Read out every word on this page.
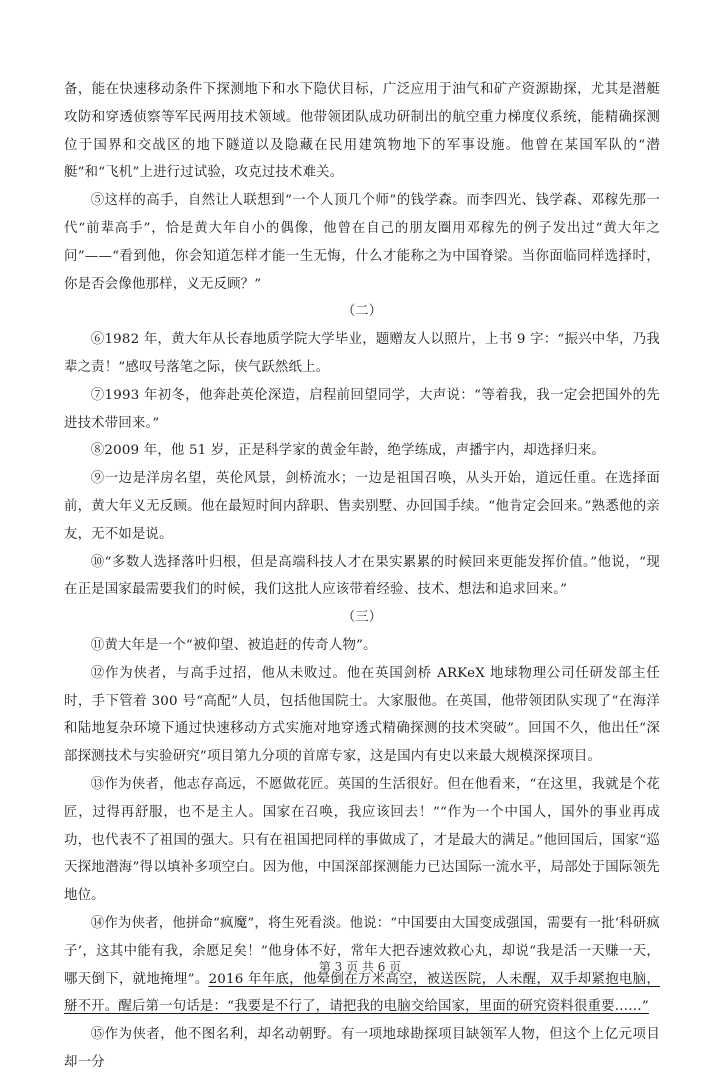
备，能在快速移动条件下探测地下和水下隐伏目标，广泛应用于油气和矿产资源勘探，尤其是潜艇攻防和穿透侦察等军民两用技术领域。他带领团队成功研制出的航空重力梯度仪系统，能精确探测位于国界和交战区的地下隧道以及隐藏在民用建筑物地下的军事设施。他曾在某国军队的“潜艇”和“飞机”上进行过试验，攻克过技术难关。

⑤这样的高手，自然让人联想到“一个人顶几个师”的钱学森。而李四光、钱学森、邓稼先那一代“前辈高手”，恰是黄大年自小的偶像，他曾在自己的朋友圈用邓稼先的例子发出过“黄大年之问”——“看到他，你会知道怎样才能一生无悔，什么才能称之为中国脊梁。当你面临同样选择时，你是否会像他那样，义无反顾？”

（二）

⑥1982 年，黄大年从长春地质学院大学毕业，题赠友人以照片，上书 9 字：“振兴中华，乃我辈之责！”感叹号落笔之际，侠气跃然纸上。

⑦1993 年初冬，他奔赴英伦深造，启程前回望同学，大声说：“等着我，我一定会把国外的先进技术带回来。”

⑧2009 年，他 51 岁，正是科学家的黄金年龄，绝学练成，声播宇内，却选择归来。

⑨一边是洋房名望，英伦风景，剑桥流水；一边是祖国召唤，从头开始，道远任重。在选择面前，黄大年义无反顾。他在最短时间内辞职、售卖别墅、办回国手续。“他肯定会回来。”熟悉他的亲友，无不如是说。

⑩“多数人选择落叶归根，但是高端科技人才在果实累累的时候回来更能发挥价值。”他说，“现在正是国家最需要我们的时候，我们这批人应该带着经验、技术、想法和追求回来。”

（三）

⑪黄大年是一个“被仰望、被追赶的传奇人物”。

⑫作为侠者，与高手过招，他从未败过。他在英国剑桥 ARKeX 地球物理公司任研发部主任时，手下管着 300 号“高配”人员，包括他国院士。大家服他。在英国，他带领团队实现了“在海洋和陆地复杂环境下通过快速移动方式实施对地穿透式精确探测的技术突破”。回国不久，他出任“深部探测技术与实验研究”项目第九分项的首席专家，这是国内有史以来最大规模深探项目。

⑬作为侠者，他志存高远，不愿做花匠。英国的生活很好。但在他看来，“在这里，我就是个花匠，过得再舒服，也不是主人。国家在召唤，我应该回去！”“作为一个中国人，国外的事业再成功，也代表不了祖国的强大。只有在祖国把同样的事做成了，才是最大的满足。”他回国后，国家“巡天探地潜海”得以填补多项空白。因为他，中国深部探测能力已达国际一流水平，局部处于国际领先地位。

⑭作为侠者，他拼命“疯魔”，将生死看淡。他说：“中国要由大国变成强国，需要有一批‘科研疯子’，这其中能有我，余愿足矣！”他身体不好，常年大把吞速效救心丸，却说“我是活一天赚一天，哪天倒下，就地掩埋”。2016 年年底，他晕倒在万米高空，被送医院，人未醒，双手却紧抱电脑，掰不开。醒后第一句话是：“我要是不行了，请把我的电脑交给国家，里面的研究资料很重要……”

⑮作为侠者，他不图名利，却名动朝野。有一项地球勘探项目缺领军人物，但这个上亿元项目却一分

第 3 页 共 6 页
